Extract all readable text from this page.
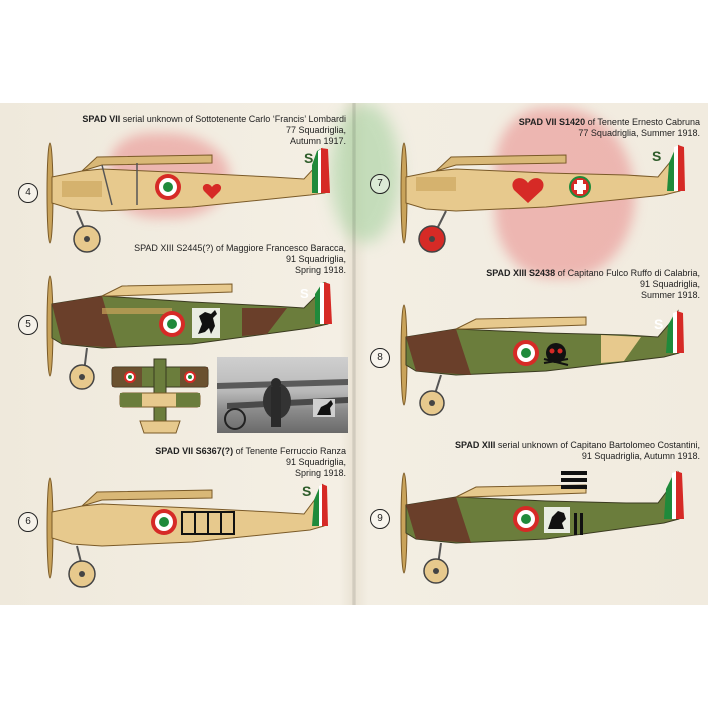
SPAD VII serial unknown of Sottotenente Carlo ‘Francis’ Lombardi
77 Squadriglia,
Autumn 1917.
SPAD XIII S2445(?) of Maggiore Francesco Baracca,
91 Squadriglia,
Spring 1918.
SPAD VII S6367(?) of Tenente Ferruccio Ranza
91 Squadriglia,
Spring 1918.
SPAD VII S1420 of Tenente Ernesto Cabruna
77 Squadriglia, Summer 1918.
SPAD XIII S2438 of Capitano Fulco Ruffo di Calabria,
91 Squadriglia,
Summer 1918.
SPAD XIII serial unknown of Capitano Bartolomeo Costantini,
91 Squadriglia, Autumn 1918.
4
5
6
7
8
9
S
S
S
S
S
